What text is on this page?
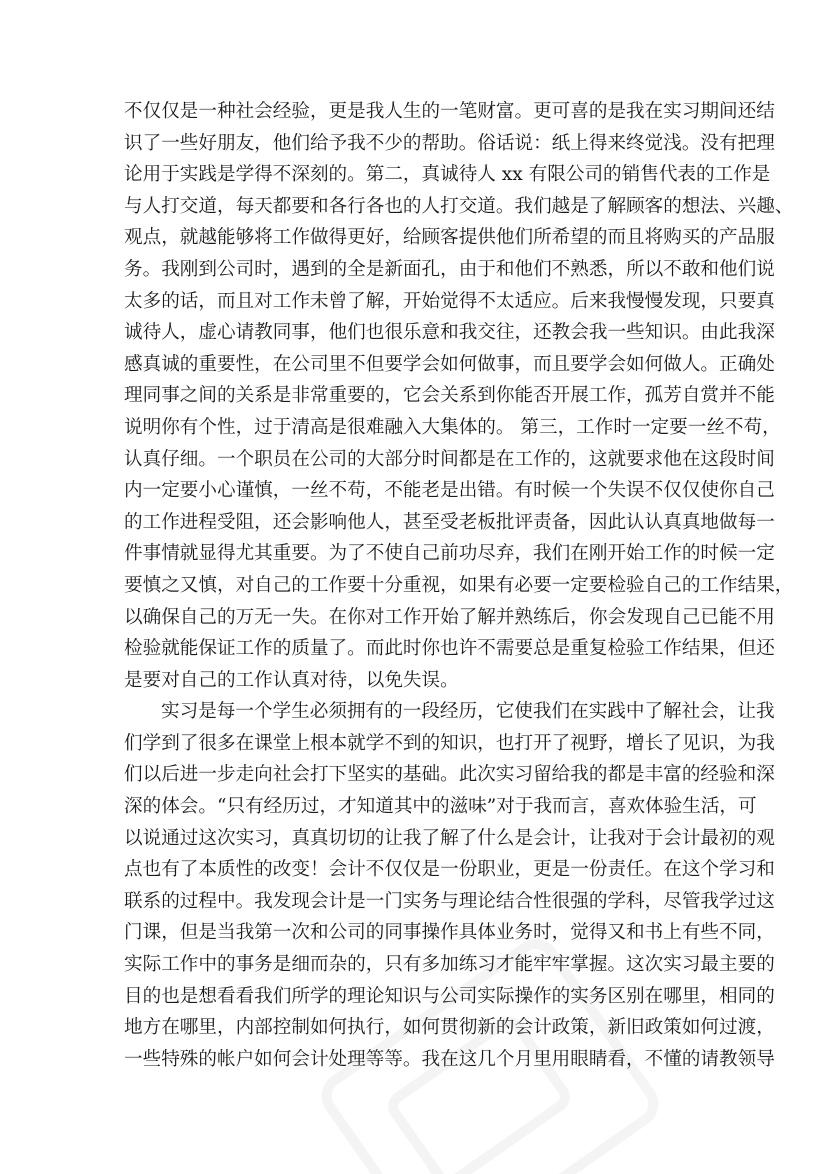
不仅仅是一种社会经验，更是我人生的一笔财富。更可喜的是我在实习期间还结
识了一些好朋友，他们给予我不少的帮助。俗话说：纸上得来终觉浅。没有把理
论用于实践是学得不深刻的。第二，真诚待人 xx 有限公司的销售代表的工作是
与人打交道，每天都要和各行各也的人打交道。我们越是了解顾客的想法、兴趣、
观点，就越能够将工作做得更好，给顾客提供他们所希望的而且将购买的产品服
务。我刚到公司时，遇到的全是新面孔，由于和他们不熟悉，所以不敢和他们说
太多的话，而且对工作未曾了解，开始觉得不太适应。后来我慢慢发现，只要真
诚待人，虚心请教同事，他们也很乐意和我交往，还教会我一些知识。由此我深
感真诚的重要性，在公司里不但要学会如何做事，而且要学会如何做人。正确处
理同事之间的关系是非常重要的，它会关系到你能否开展工作，孤芳自赏并不能
说明你有个性，过于清高是很难融入大集体的。 第三，工作时一定要一丝不苟，
认真仔细。一个职员在公司的大部分时间都是在工作的，这就要求他在这段时间
内一定要小心谨慎，一丝不苟，不能老是出错。有时候一个失误不仅仅使你自己
的工作进程受阻，还会影响他人，甚至受老板批评责备，因此认认真真地做每一
件事情就显得尤其重要。为了不使自己前功尽弃，我们在刚开始工作的时候一定
要慎之又慎，对自己的工作要十分重视，如果有必要一定要检验自己的工作结果，
以确保自己的万无一失。在你对工作开始了解并熟练后，你会发现自己已能不用
检验就能保证工作的质量了。而此时你也许不需要总是重复检验工作结果，但还
是要对自己的工作认真对待，以免失误。
实习是每一个学生必须拥有的一段经历，它使我们在实践中了解社会，让我
们学到了很多在课堂上根本就学不到的知识，也打开了视野，增长了见识，为我
们以后进一步走向社会打下坚实的基础。此次实习留给我的都是丰富的经验和深
深的体会。“只有经历过，才知道其中的滋味”对于我而言，喜欢体验生活，可
以说通过这次实习，真真切切的让我了解了什么是会计，让我对于会计最初的观
点也有了本质性的改变！会计不仅仅是一份职业，更是一份责任。在这个学习和
联系的过程中。我发现会计是一门实务与理论结合性很强的学科，尽管我学过这
门课，但是当我第一次和公司的同事操作具体业务时，觉得又和书上有些不同，
实际工作中的事务是细而杂的，只有多加练习才能牢牢掌握。这次实习最主要的
目的也是想看看我们所学的理论知识与公司实际操作的实务区别在哪里，相同的
地方在哪里，内部控制如何执行，如何贯彻新的会计政策，新旧政策如何过渡，
一些特殊的帐户如何会计处理等等。我在这几个月里用眼睛看，不懂的请教领导
